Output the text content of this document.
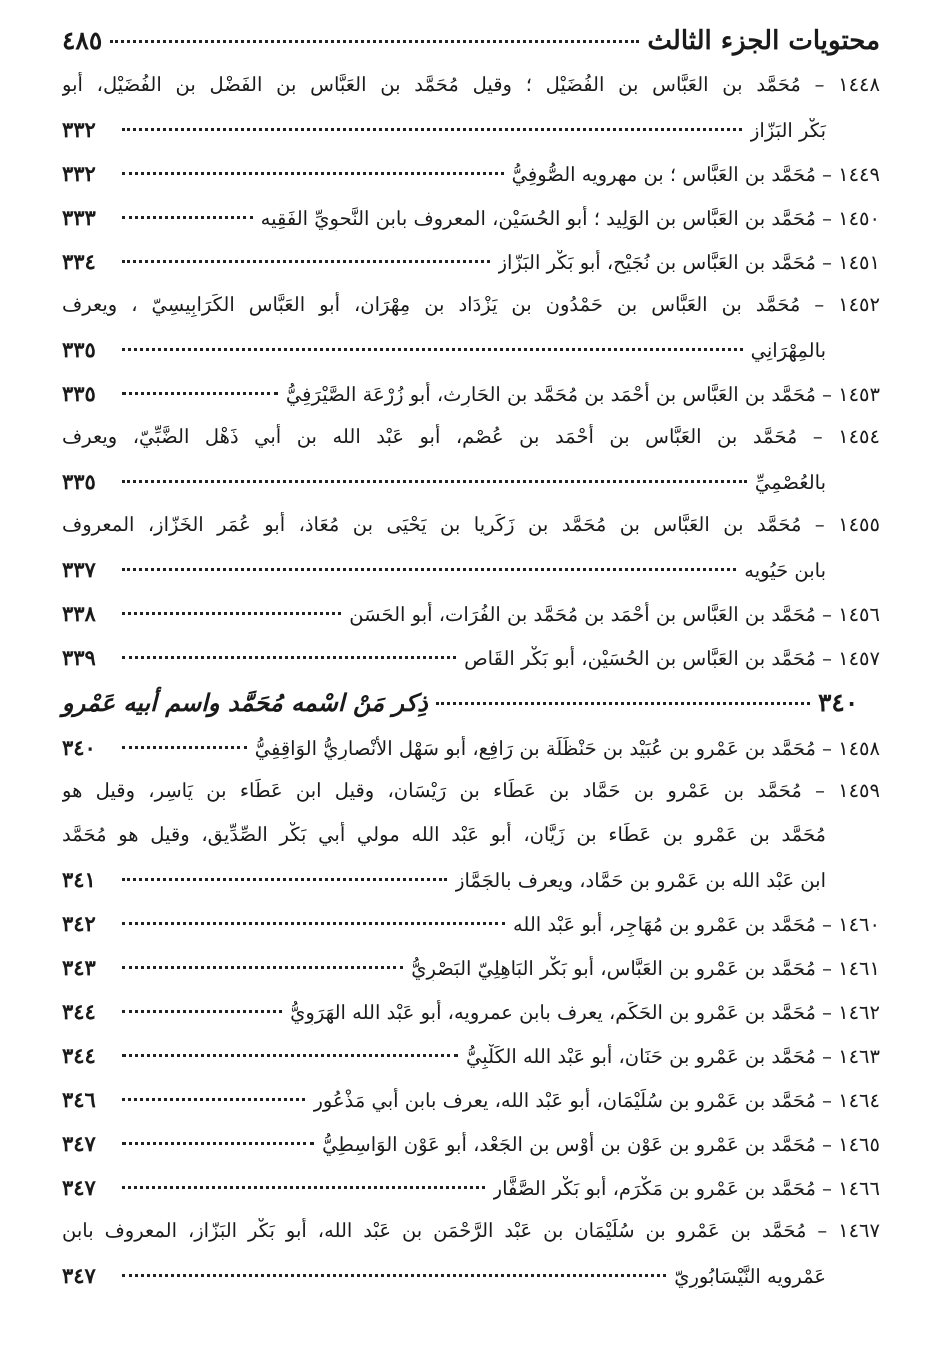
محتويات الجزء الثالث
٤٨٥
١٤٤٨ – مُحَمَّد بن العَبَّاس بن الفُضَيْل ؛ وقيل مُحَمَّد بن العَبَّاس بن الفَضْل بن الفُضَيْل، أبو
بَكْر البَزّاز
٣٣٢
١٤٤٩ – مُحَمَّد بن العَبَّاس ؛ بن مهرويه الصُّوفِيُّ
٣٣٢
١٤٥٠ – مُحَمَّد بن العَبَّاس بن الوَلِيد ؛ أبو الحُسَيْن، المعروف بابن النَّحوِيِّ الفَقِيه
٣٣٣
١٤٥١ – مُحَمَّد بن العَبَّاس بن نُجَيْح، أبو بَكْر البَزّاز
٣٣٤
١٤٥٢ – مُحَمَّد بن العَبَّاس بن حَمْدُون بن يَزْدَاد بن مِهْرَان، أبو العَبَّاس الكَرَابِيسِيّ ، ويعرف
بالمِهْرَانِي
٣٣٥
١٤٥٣ – مُحَمَّد بن العَبَّاس بن أَحْمَد بن مُحَمَّد بن الحَارِث، أبو زُرْعَة الصَّيْرَفِيُّ
٣٣٥
١٤٥٤ – مُحَمَّد بن العَبَّاس بن أَحْمَد بن عُصْم، أبو عَبْد الله بن أبي ذَهْل الضَّبِّيّ، ويعرف
بالعُصْمِيِّ
٣٣٥
١٤٥٥ – مُحَمَّد بن العَبَّاس بن مُحَمَّد بن زَكَريا بن يَحْيَى بن مُعَاذ، أبو عُمَر الخَزّاز، المعروف
بابن حَيُويه
٣٣٧
١٤٥٦ – مُحَمَّد بن العَبَّاس بن أَحْمَد بن مُحَمَّد بن الفُرَات، أبو الحَسَن
٣٣٨
١٤٥٧ – مُحَمَّد بن العَبَّاس بن الحُسَيْن، أبو بَكْر القَاص
٣٣٩
ذِكر مَنْ اسْمه مُحَمَّد واسم أبيه عَمْرو	٣٤٠
١٤٥٨ – مُحَمَّد بن عَمْرو بن عُبَيْد بن حَنْظَلَة بن رَافِع، أبو سَهْل الأَنْصارِيُّ الوَاقِفِيُّ
٣٤٠
١٤٥٩ – مُحَمَّد بن عَمْرو بن حَمَّاد بن عَطَاء بن رَيْسَان، وقيل ابن عَطَاء بن يَاسِر، وقيل هو
مُحَمَّد بن عَمْرو بن عَطَاء بن زَيَّان، أبو عَبْد الله مولي أبي بَكْر الصِّدِّيق، وقيل هو مُحَمَّد
ابن عَبْد الله بن عَمْرو بن حَمَّاد، ويعرف بالجَمَّاز
٣٤١
١٤٦٠ – مُحَمَّد بن عَمْرو بن مُهَاجِر، أبو عَبْد الله
٣٤٢
١٤٦١ – مُحَمَّد بن عَمْرو بن العَبَّاس، أبو بَكْر البَاهِلِيّ البَصْرِيُّ
٣٤٣
١٤٦٢ – مُحَمَّد بن عَمْرو بن الحَكَم، يعرف بابن عمرويه، أبو عَبْد الله الهَرَوِيُّ
٣٤٤
١٤٦٣ – مُحَمَّد بن عَمْرو بن حَنَان، أبو عَبْد الله الكَلْبِيُّ
٣٤٤
١٤٦٤ – مُحَمَّد بن عَمْرو بن سُلَيْمَان، أبو عَبْد الله، يعرف بابن أبي مَذْعُور
٣٤٦
١٤٦٥ – مُحَمَّد بن عَمْرو بن عَوْن بن أَوْس بن الجَعْد، أبو عَوْن الوَاسِطِيُّ
٣٤٧
١٤٦٦ – مُحَمَّد بن عَمْرو بن مَكْرَم، أبو بَكْر الصَّفَّار
٣٤٧
١٤٦٧ – مُحَمَّد بن عَمْرو بن سُلَيْمَان بن عَبْد الرَّحْمَن بن عَبْد الله، أبو بَكْر البَزّاز، المعروف بابن
عَمْرويه النَّيْسَابُورِيّ
٣٤٧
